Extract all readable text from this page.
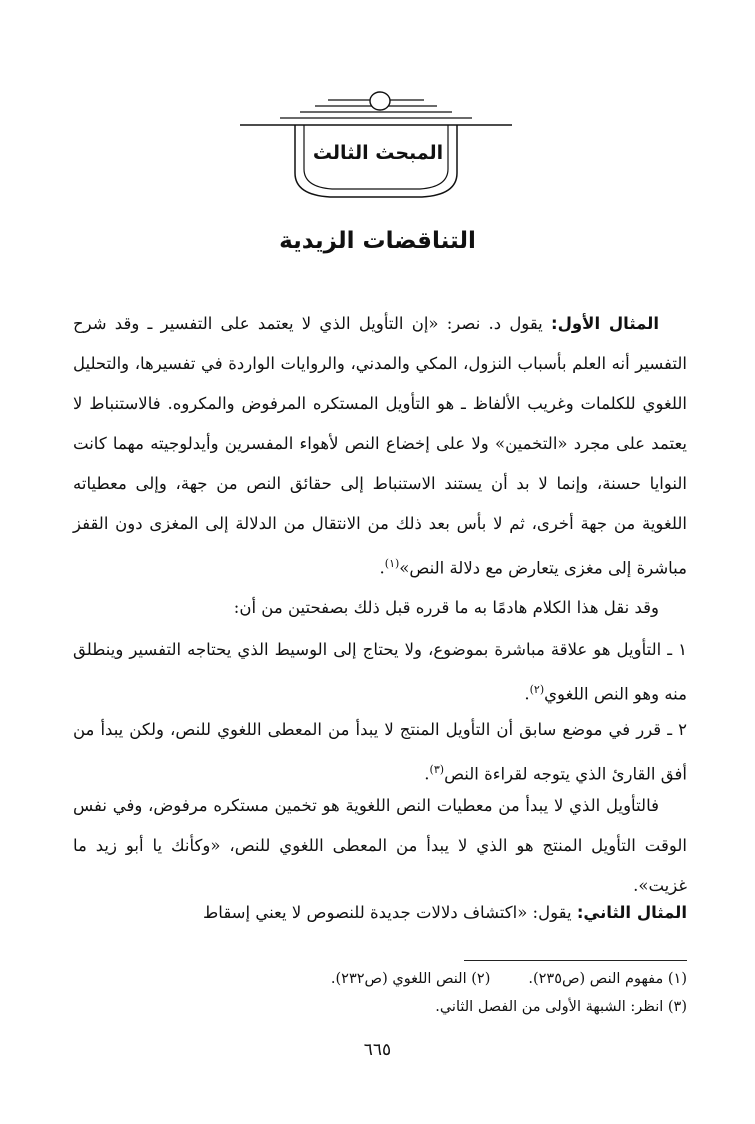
المبحث الثالث
التناقضات الزيدية
المثال الأول: يقول د. نصر: «إن التأويل الذي لا يعتمد على التفسير ـ وقد شرح التفسير أنه العلم بأسباب النزول، المكي والمدني، والروايات الواردة في تفسيرها، والتحليل اللغوي للكلمات وغريب الألفاظ ـ هو التأويل المستكره المرفوض والمكروه. فالاستنباط لا يعتمد على مجرد «التخمين» ولا على إخضاع النص لأهواء المفسرين وأيدلوجيته مهما كانت النوايا حسنة، وإنما لا بد أن يستند الاستنباط إلى حقائق النص من جهة، وإلى معطياته اللغوية من جهة أخرى، ثم لا بأس بعد ذلك من الانتقال من الدلالة إلى المغزى دون القفز مباشرة إلى مغزى يتعارض مع دلالة النص»$^{(١)}$.
وقد نقل هذا الكلام هادمًا به ما قرره قبل ذلك بصفحتين من أن:
١ ـ التأويل هو علاقة مباشرة بموضوع، ولا يحتاج إلى الوسيط الذي يحتاجه التفسير وينطلق منه وهو النص اللغوي$^{(٢)}$.
٢ ـ قرر في موضع سابق أن التأويل المنتج لا يبدأ من المعطى اللغوي للنص، ولكن يبدأ من أفق القارئ الذي يتوجه لقراءة النص$^{(٣)}$.
فالتأويل الذي لا يبدأ من معطيات النص اللغوية هو تخمين مستكره مرفوض، وفي نفس الوقت التأويل المنتج هو الذي لا يبدأ من المعطى اللغوي للنص، «وكأنك يا أبو زيد ما غزيت».
المثال الثاني: يقول: «اكتشاف دلالات جديدة للنصوص لا يعني إسقاط
(١) مفهوم النص (ص٢٣٥).
(٢) النص اللغوي (ص٢٣٢).
(٣) انظر: الشبهة الأولى من الفصل الثاني.
٦٦٥
